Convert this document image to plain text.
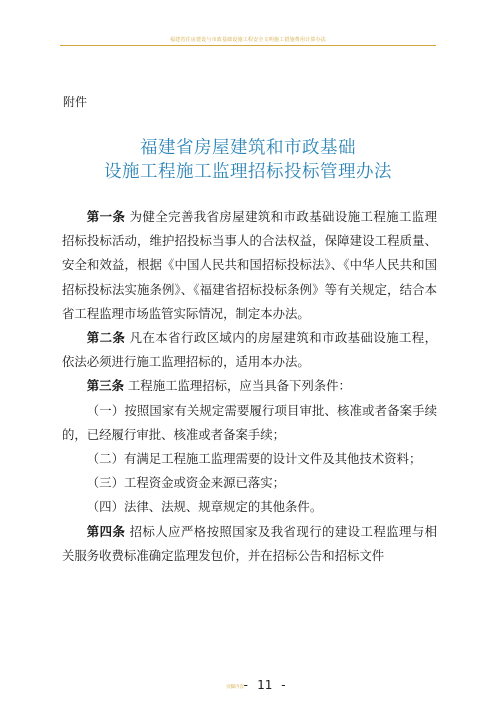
福建省住房建设与市政基础设施工程安全文明施工措施费用计算办法
附件
福建省房屋建筑和市政基础
设施工程施工监理招标投标管理办法

第一条 为健全完善我省房屋建筑和市政基础设施工程施工监理招标投标活动，维护招投标当事人的合法权益，保障建设工程质量、安全和效益，根据《中国人民共和国招标投标法》、《中华人民共和国招标投标法实施条例》、《福建省招标投标条例》等有关规定，结合本省工程监理市场监管实际情况，制定本办法。

第二条 凡在本省行政区域内的房屋建筑和市政基础设施工程，依法必须进行施工监理招标的，适用本办法。

第三条 工程施工监理招标，应当具备下列条件：

（一）按照国家有关规定需要履行项目审批、核准或者备案手续的，已经履行审批、核准或者备案手续；

（二）有满足工程施工监理需要的设计文件及其他技术资料；

（三）工程资金或资金来源已落实；

（四）法律、法规、规章规定的其他条件。

第四条 招标人应严格按照国家及我省现行的建设工程监理与相关服务收费标准确定监理发包价，并在招标公告和招标文件

页脚内容
- 11 -
